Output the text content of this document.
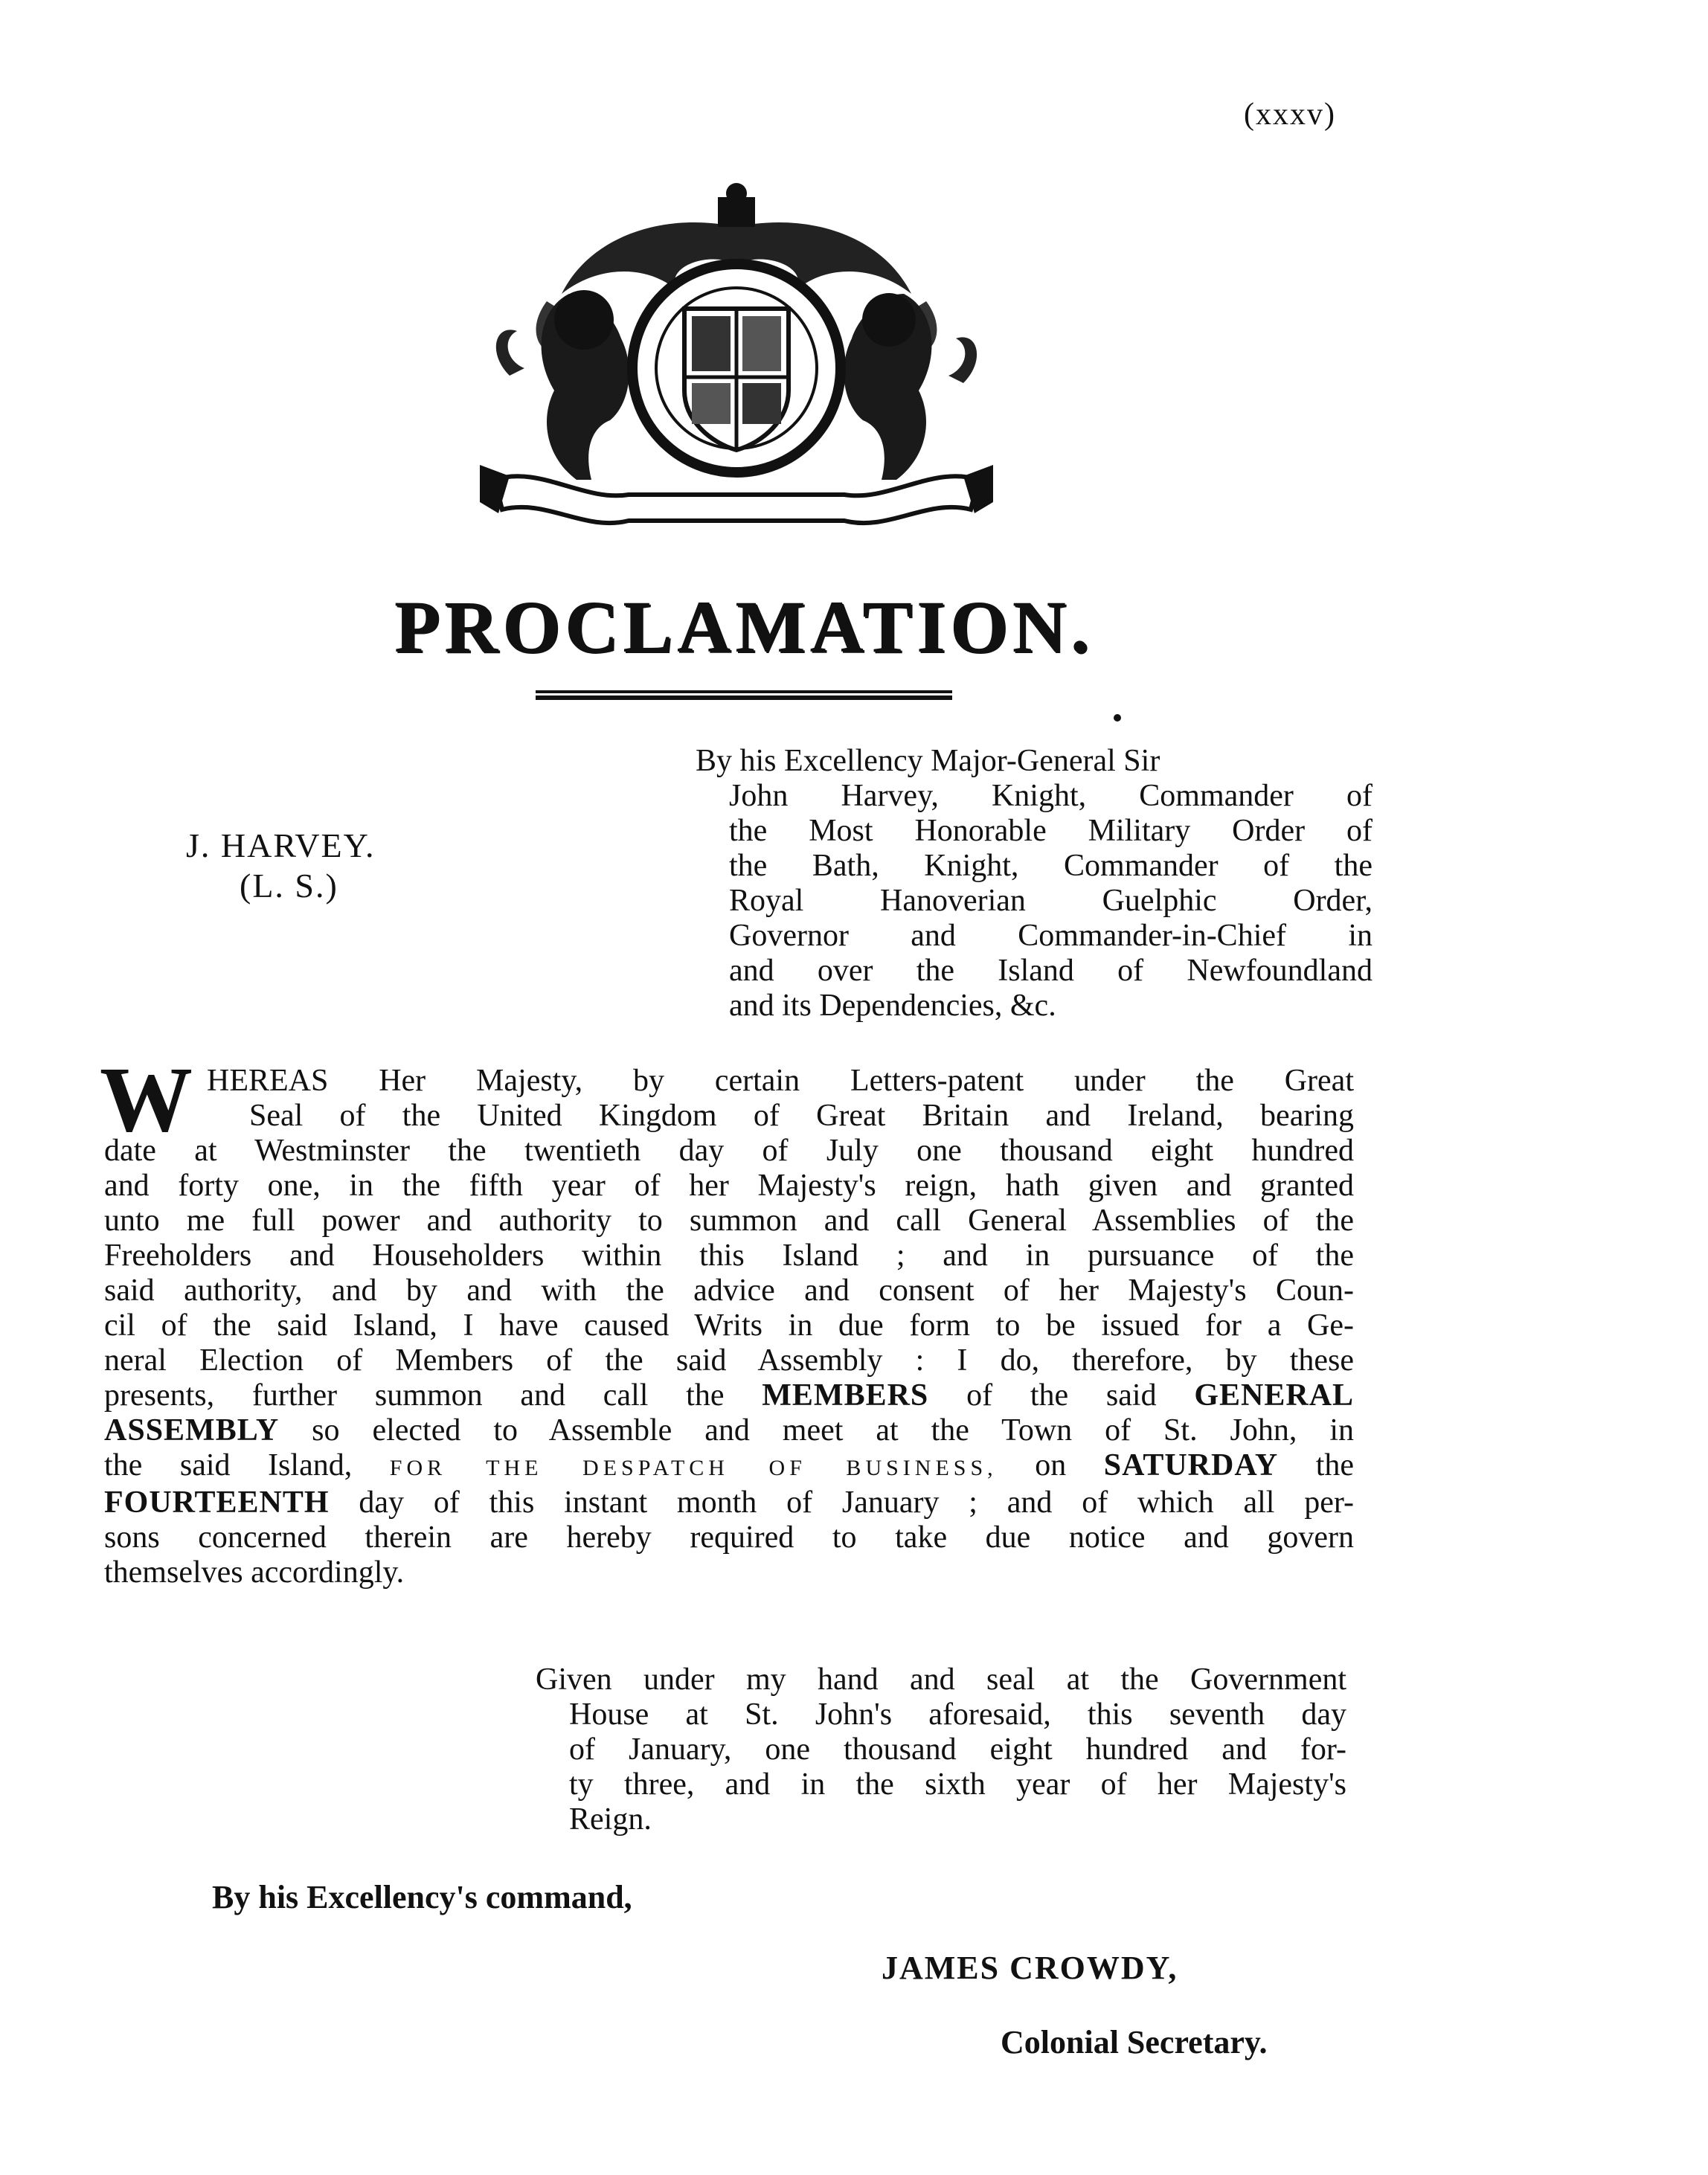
(xxxv)
PROCLAMATION.
J. HARVEY.
(L. S.)
By his Excellency Major-General Sir
John Harvey, Knight, Commander of
the Most Honorable Military Order of
the Bath, Knight, Commander of the
Royal Hanoverian Guelphic Order,
Governor and Commander-in-Chief in
and over the Island of Newfoundland
and its Dependencies, &c.
W HEREAS Her Majesty, by certain Letters-patent under the Great
Seal of the United Kingdom of Great Britain and Ireland, bearing
date at Westminster the twentieth day of July one thousand eight hundred
and forty one, in the fifth year of her Majesty's reign, hath given and granted
unto me full power and authority to summon and call General Assemblies of the
Freeholders and Householders within this Island ; and in pursuance of the
said authority, and by and with the advice and consent of her Majesty's Coun-
cil of the said Island, I have caused Writs in due form to be issued for a Ge-
neral Election of Members of the said Assembly : I do, therefore, by these
presents, further summon and call the MEMBERS of the said GENERAL
ASSEMBLY so elected to Assemble and meet at the Town of St. John, in
the said Island, FOR THE DESPATCH OF BUSINESS, on SATURDAY the
FOURTEENTH day of this instant month of January ; and of which all per-
sons concerned therein are hereby required to take due notice and govern
themselves accordingly.
Given under my hand and seal at the Government
House at St. John's aforesaid, this seventh day
of January, one thousand eight hundred and for-
ty three, and in the sixth year of her Majesty's
Reign.
By his Excellency's command,
JAMES CROWDY,
Colonial Secretary.
